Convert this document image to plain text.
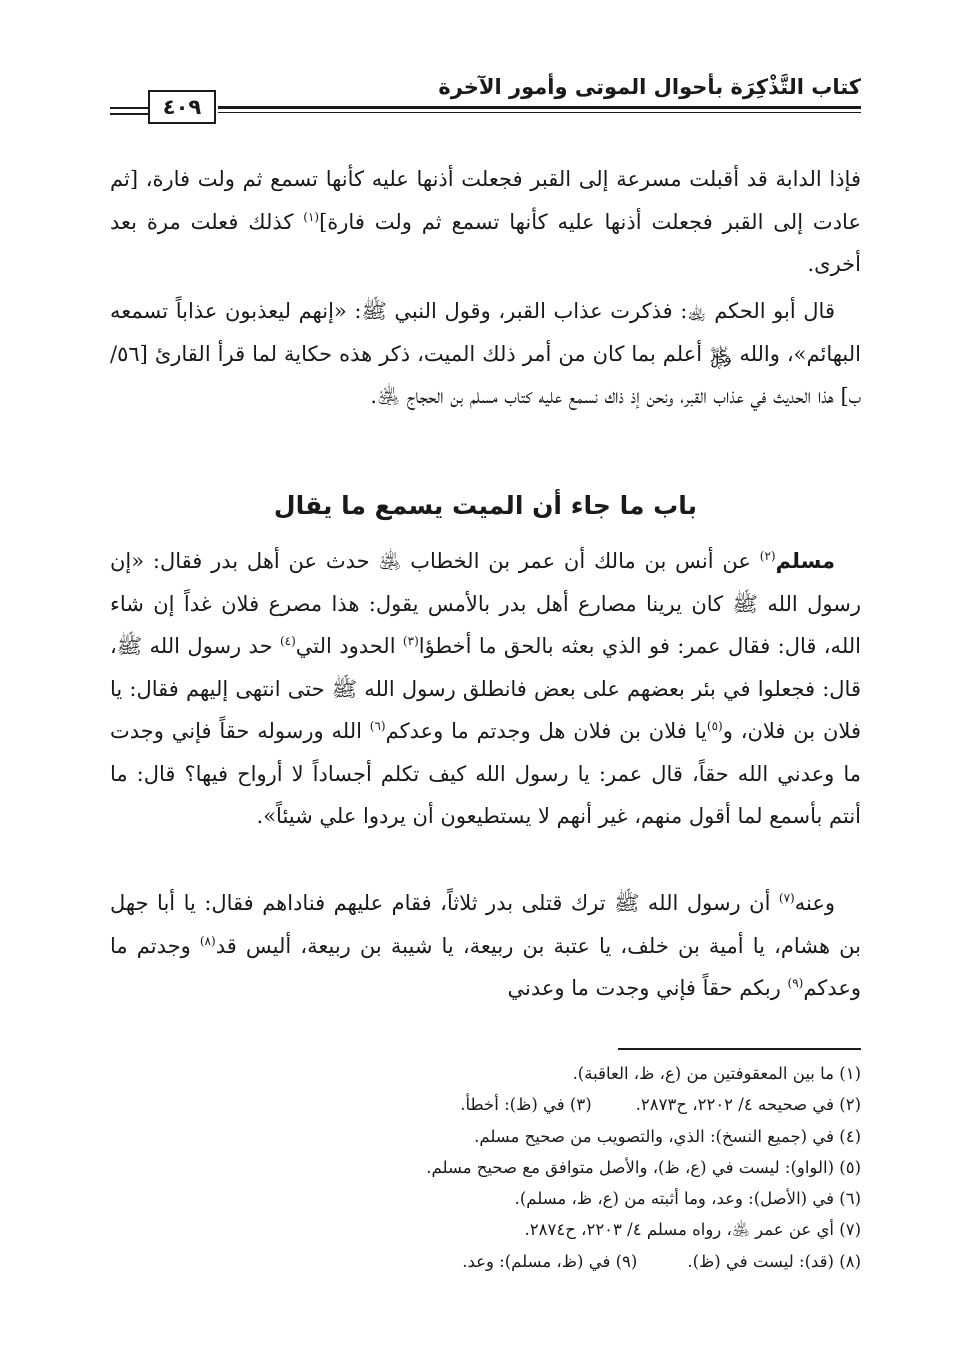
كتاب التَّذْكِرَة بأحوال الموتى وأمور الآخرة
٤٠٩

فإذا الدابة قد أقبلت مسرعة إلى القبر فجعلت أذنها عليه كأنها تسمع ثم ولت فارة، [ثم عادت إلى القبر فجعلت أذنها عليه كأنها تسمع ثم ولت فارة]$^{(١)}$ كذلك فعلت مرة بعد أخرى.

قال أبو الحكم ﵀: فذكرت عذاب القبر، وقول النبي ﷺ: «إنهم ليعذبون عذاباً تسمعه البهائم»، والله ﷿ أعلم بما كان من أمر ذلك الميت، ذكر هذه حكاية لما قرأ القارئ [٥٦/ب] هذا الحديث في عذاب القبر، ونحن إذ ذاك نسمع عليه كتاب مسلم بن الحجاج ﵁.

باب ما جاء أن الميت يسمع ما يقال

مسلم$^{(٢)}$ عن أنس بن مالك أن عمر بن الخطاب ﵁ حدث عن أهل بدر فقال: «إن رسول الله ﷺ كان يرينا مصارع أهل بدر بالأمس يقول: هذا مصرع فلان غداً إن شاء الله، قال: فقال عمر: فو الذي بعثه بالحق ما أخطؤا$^{(٣)}$ الحدود التي$^{(٤)}$ حد رسول الله ﷺ، قال: فجعلوا في بئر بعضهم على بعض فانطلق رسول الله ﷺ حتى انتهى إليهم فقال: يا فلان بن فلان، و$^{(٥)}$يا فلان بن فلان هل وجدتم ما وعدكم$^{(٦)}$ الله ورسوله حقاً فإني وجدت ما وعدني الله حقاً، قال عمر: يا رسول الله كيف تكلم أجساداً لا أرواح فيها؟ قال: ما أنتم بأسمع لما أقول منهم، غير أنهم لا يستطيعون أن يردوا علي شيئاً».

وعنه$^{(٧)}$ أن رسول الله ﷺ ترك قتلى بدر ثلاثاً، فقام عليهم فناداهم فقال: يا أبا جهل بن هشام، يا أمية بن خلف، يا عتبة بن ربيعة، يا شيبة بن ربيعة، أليس قد$^{(٨)}$ وجدتم ما وعدكم$^{(٩)}$ ربكم حقاً فإني وجدت ما وعدني

(١) ما بين المعقوفتين من (ع، ظ، العاقبة).
(٢) في صحيحه ٤/ ٢٢٠٢، ح٢٨٧٣.(٣) في (ظ): أخطأ.
(٤) في (جميع النسخ): الذي، والتصويب من صحيح مسلم.
(٥) (الواو): ليست في (ع، ظ)، والأصل متوافق مع صحيح مسلم.
(٦) في (الأصل): وعد، وما أثبته من (ع، ظ، مسلم).
(٧) أي عن عمر ﵁، رواه مسلم ٤/ ٢٢٠٣، ح٢٨٧٤.
(٨) (قد): ليست في (ظ).(٩) في (ظ، مسلم): وعد.
